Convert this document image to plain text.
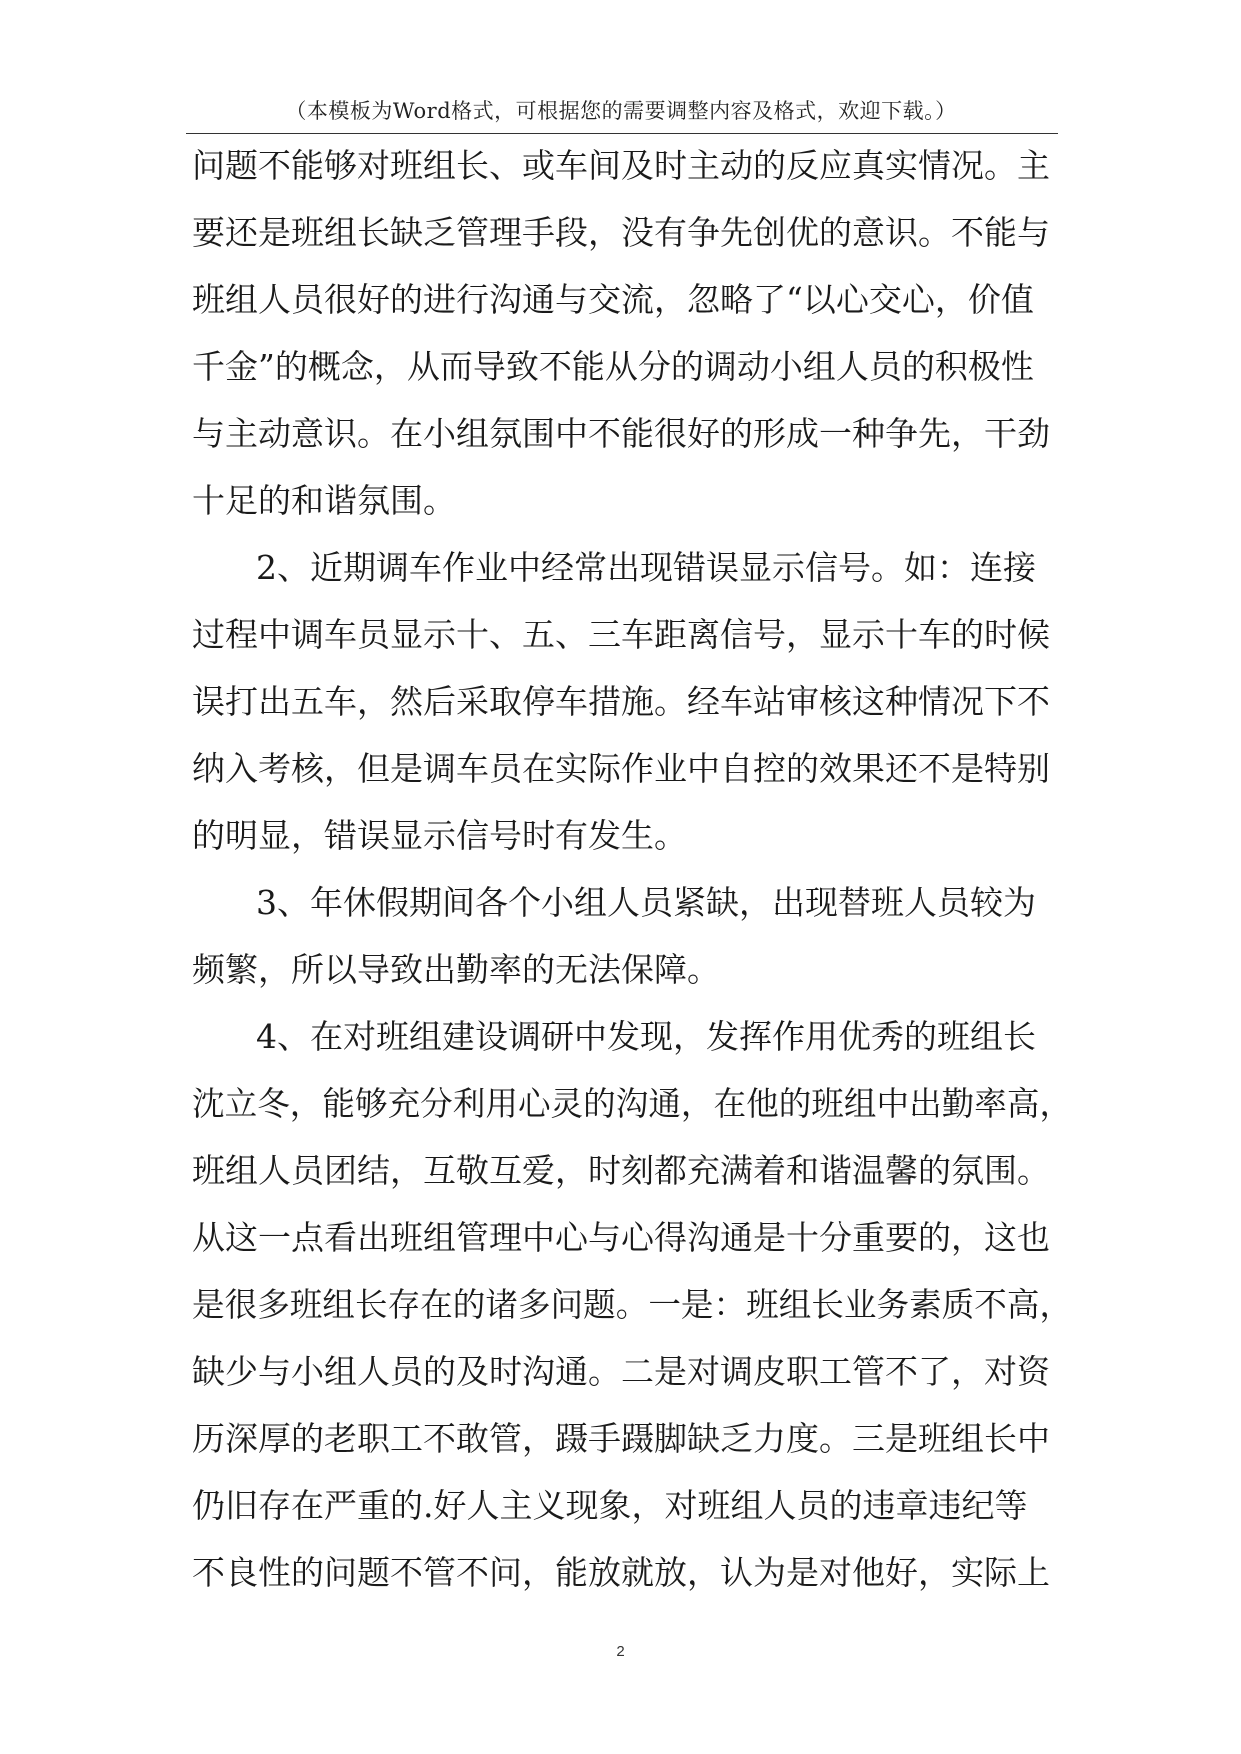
（本模板为Word格式，可根据您的需要调整内容及格式，欢迎下载。）
问题不能够对班组长、或车间及时主动的反应真实情况。主
要还是班组长缺乏管理手段，没有争先创优的意识。不能与
班组人员很好的进行沟通与交流，忽略了“以心交心，价值
千金”的概念，从而导致不能从分的调动小组人员的积极性
与主动意识。在小组氛围中不能很好的形成一种争先，干劲
十足的和谐氛围。
2、近期调车作业中经常出现错误显示信号。如：连接
过程中调车员显示十、五、三车距离信号，显示十车的时候
误打出五车，然后采取停车措施。经车站审核这种情况下不
纳入考核，但是调车员在实际作业中自控的效果还不是特别
的明显，错误显示信号时有发生。
3、年休假期间各个小组人员紧缺，出现替班人员较为
频繁，所以导致出勤率的无法保障。
4、在对班组建设调研中发现，发挥作用优秀的班组长
沈立冬，能够充分利用心灵的沟通，在他的班组中出勤率高，
班组人员团结，互敬互爱，时刻都充满着和谐温馨的氛围。
从这一点看出班组管理中心与心得沟通是十分重要的，这也
是很多班组长存在的诸多问题。一是：班组长业务素质不高，
缺少与小组人员的及时沟通。二是对调皮职工管不了，对资
历深厚的老职工不敢管，蹑手蹑脚缺乏力度。三是班组长中
仍旧存在严重的.好人主义现象，对班组人员的违章违纪等
不良性的问题不管不问，能放就放，认为是对他好，实际上
2
